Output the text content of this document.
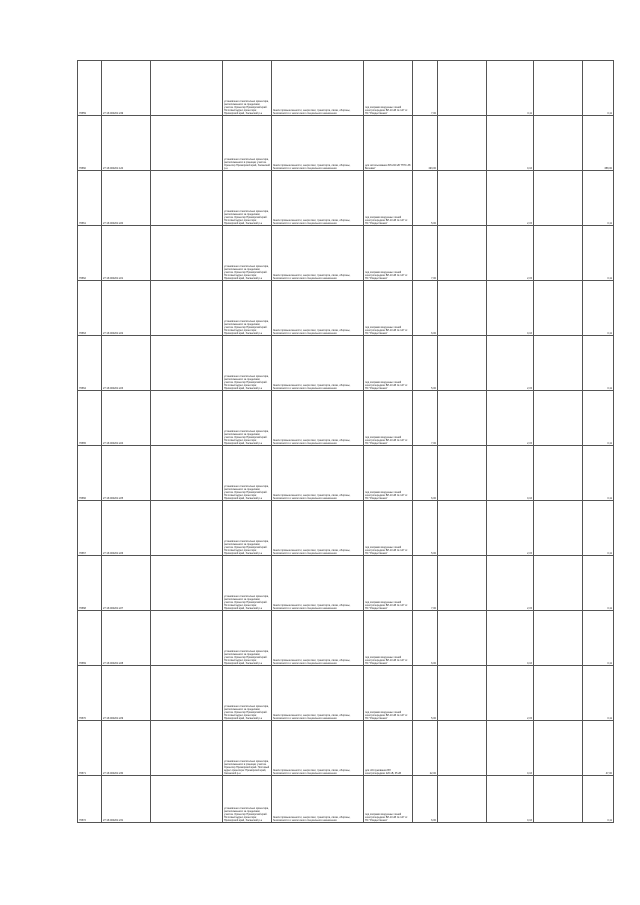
76559	27:16:000201:249		установлено относительно ориентира, расположенного за пределами участка. Ориентир Приморский край. Почтовый адрес ориентира: Приморский край, Хасанский р-н	Земли промышленности, энергетики, транспорта, связи, обороны, безопасности и земли иного специального назначения	под опорами воздушных линий электропередачи ВЛ-10 кВ № 147 от ПС "Рождественка"	7,00		0,11		0,11
76560	27:16:000201:120		установлено относительно ориентира, расположенного в границах участка. Ориентир Приморский край, Хасанский р-н	Земли промышленности, энергетики, транспорта, связи, обороны, безопасности и земли иного специального назначения	для использования ВЛ-220 кВ "НПС-38 Бичевая"	193,00		0,16		388,00
76561	27:16:000201:220		установлено относительно ориентира, расположенного за пределами участка. Ориентир Приморский край. Почтовый адрес ориентира: Приморский край, Хасанский р-н	Земли промышленности, энергетики, транспорта, связи, обороны, безопасности и земли иного специального назначения	под опорами воздушных линий электропередачи ВЛ-10 кВ № 147 от ПС "Рождественка"	5,00		2,15		0,11
76562	27:16:000201:221		установлено относительно ориентира, расположенного за пределами участка. Ориентир Приморский край. Почтовый адрес ориентира: Приморский край, Хасанский р-н	Земли промышленности, энергетики, транспорта, связи, обороны, безопасности и земли иного специального назначения	под опорами воздушных линий электропередачи ВЛ-10 кВ № 147 от ПС "Рождественка"	7,00		2,15		0,11
76563	27:16:000201:222		установлено относительно ориентира, расположенного за пределами участка. Ориентир Приморский край. Почтовый адрес ориентира: Приморский край, Хасанский р-н	Земли промышленности, энергетики, транспорта, связи, обороны, безопасности и земли иного специального назначения	под опорами воздушных линий электропередачи ВЛ-10 кВ № 147 от ПС "Рождественка"	6,00		0,16		0,11
76564	27:16:000201:223		установлено относительно ориентира, расположенного за пределами участка. Ориентир Приморский край. Почтовый адрес ориентира: Приморский край, Хасанский р-н	Земли промышленности, энергетики, транспорта, связи, обороны, безопасности и земли иного специального назначения	под опорами воздушных линий электропередачи ВЛ-10 кВ № 147 от ПС "Рождественка"	5,00		2,15		0,11
76565	27:16:000201:224		установлено относительно ориентира, расположенного за пределами участка. Ориентир Приморский край. Почтовый адрес ориентира: Приморский край, Хасанский р-н	Земли промышленности, энергетики, транспорта, связи, обороны, безопасности и земли иного специального назначения	под опорами воздушных линий электропередачи ВЛ-10 кВ № 147 от ПС "Рождественка"	7,00		2,15		0,11
76566	27:16:000201:225		установлено относительно ориентира, расположенного за пределами участка. Ориентир Приморский край. Почтовый адрес ориентира: Приморский край, Хасанский р-н	Земли промышленности, энергетики, транспорта, связи, обороны, безопасности и земли иного специального назначения	под опорами воздушных линий электропередачи ВЛ-10 кВ № 147 от ПС "Рождественка"	6,00		0,16		0,11
76567	27:16:000201:226		установлено относительно ориентира, расположенного за пределами участка. Ориентир Приморский край. Почтовый адрес ориентира: Приморский край, Хасанский р-н	Земли промышленности, энергетики, транспорта, связи, обороны, безопасности и земли иного специального назначения	под опорами воздушных линий электропередачи ВЛ-10 кВ № 147 от ПС "Рождественка"	5,00		2,15		0,11
76568	27:16:000201:227		установлено относительно ориентира, расположенного за пределами участка. Ориентир Приморский край. Почтовый адрес ориентира: Приморский край, Хасанский р-н	Земли промышленности, энергетики, транспорта, связи, обороны, безопасности и земли иного специального назначения	под опорами воздушных линий электропередачи ВЛ-10 кВ № 147 от ПС "Рождественка"	7,00		2,15		0,11
76569	27:16:000201:228		установлено относительно ориентира, расположенного за пределами участка. Ориентир Приморский край. Почтовый адрес ориентира: Приморский край, Хасанский р-н	Земли промышленности, энергетики, транспорта, связи, обороны, безопасности и земли иного специального назначения	под опорами воздушных линий электропередачи ВЛ-10 кВ № 147 от ПС "Рождественка"	6,00		0,16		0,11
76570	27:16:000201:229		установлено относительно ориентира, расположенного за пределами участка. Ориентир Приморский край. Почтовый адрес ориентира: Приморский край, Хасанский р-н	Земли промышленности, энергетики, транспорта, связи, обороны, безопасности и земли иного специального назначения	под опорами воздушных линий электропередачи ВЛ-10 кВ № 147 от ПС "Рождественка"	5,00		2,15		0,11
76571	27:16:000201:230		установлено относительно ориентира, расположенного в границах участка. Ориентир Приморский край. Почтовый адрес ориентира: Приморский край, Хасанский р-н	Земли промышленности, энергетики, транспорта, связи, обороны, безопасности и земли иного специального назначения	для обслуживания ВЛ электропередачи 220 кВ, 35 кВ	22,00		0,16		47,00
76572	27:16:000201:231		установлено относительно ориентира, расположенного за пределами участка. Ориентир Приморский край. Почтовый адрес ориентира: Приморский край, Хасанский р-н	Земли промышленности, энергетики, транспорта, связи, обороны, безопасности и земли иного специального назначения	под опорами воздушных линий электропередачи ВЛ-10 кВ № 147 от ПС "Рождественка"	6,00		0,16		0,11
